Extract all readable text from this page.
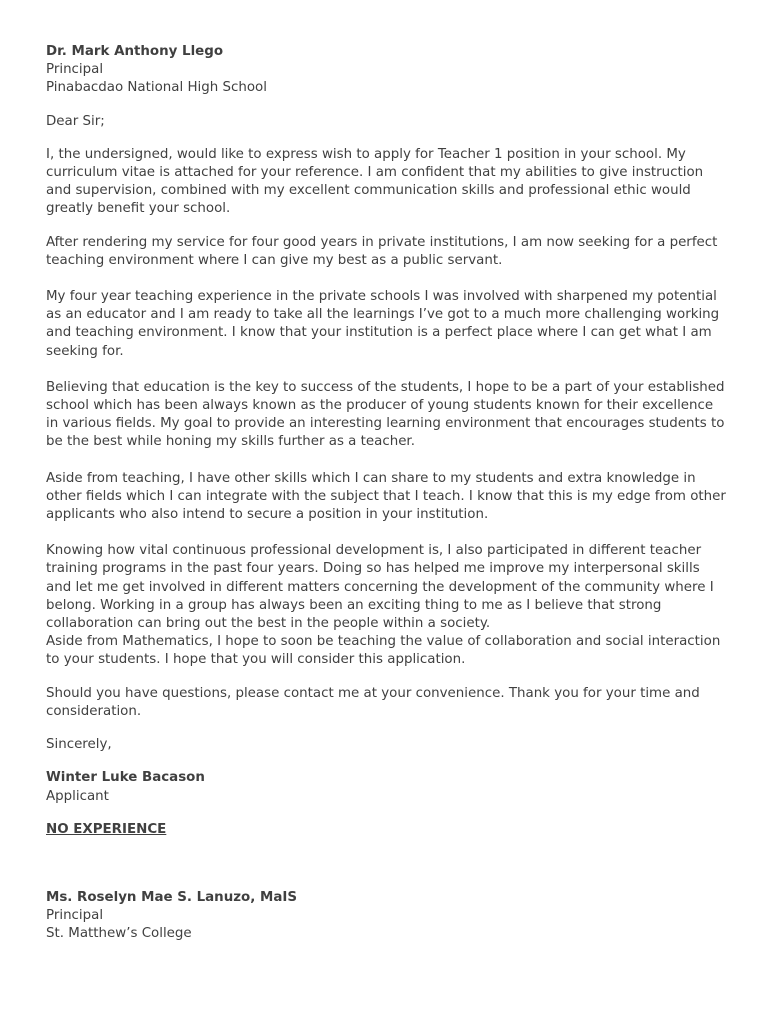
Dr. Mark Anthony Llego
Principal
Pinabacdao National High School

Dear Sir;

I, the undersigned, would like to express wish to apply for Teacher 1 position in your school. My curriculum vitae is attached for your reference. I am confident that my abilities to give instruction and supervision, combined with my excellent communication skills and professional ethic would greatly benefit your school.

After rendering my service for four good years in private institutions, I am now seeking for a perfect teaching environment where I can give my best as a public servant.

My four year teaching experience in the private schools I was involved with sharpened my potential as an educator and I am ready to take all the learnings I’ve got to a much more challenging working and teaching environment. I know that your institution is a perfect place where I can get what I am seeking for.

Believing that education is the key to success of the students, I hope to be a part of your established school which has been always known as the producer of young students known for their excellence in various fields. My goal to provide an interesting learning environment that encourages students to be the best while honing my skills further as a teacher.

Aside from teaching, I have other skills which I can share to my students and extra knowledge in other fields which I can integrate with the subject that I teach. I know that this is my edge from other applicants who also intend to secure a position in your institution.

Knowing how vital continuous professional development is, I also participated in different teacher training programs in the past four years. Doing so has helped me improve my interpersonal skills and let me get involved in different matters concerning the development of the community where I belong. Working in a group has always been an exciting thing to me as I believe that strong collaboration can bring out the best in the people within a society.

Aside from Mathematics, I hope to soon be teaching the value of collaboration and social interaction to your students. I hope that you will consider this application.

Should you have questions, please contact me at your convenience. Thank you for your time and consideration.

Sincerely,

Winter Luke Bacason
Applicant
NO EXPERIENCE
Ms. Roselyn Mae S. Lanuzo, MaIS
Principal
St. Matthew’s College
